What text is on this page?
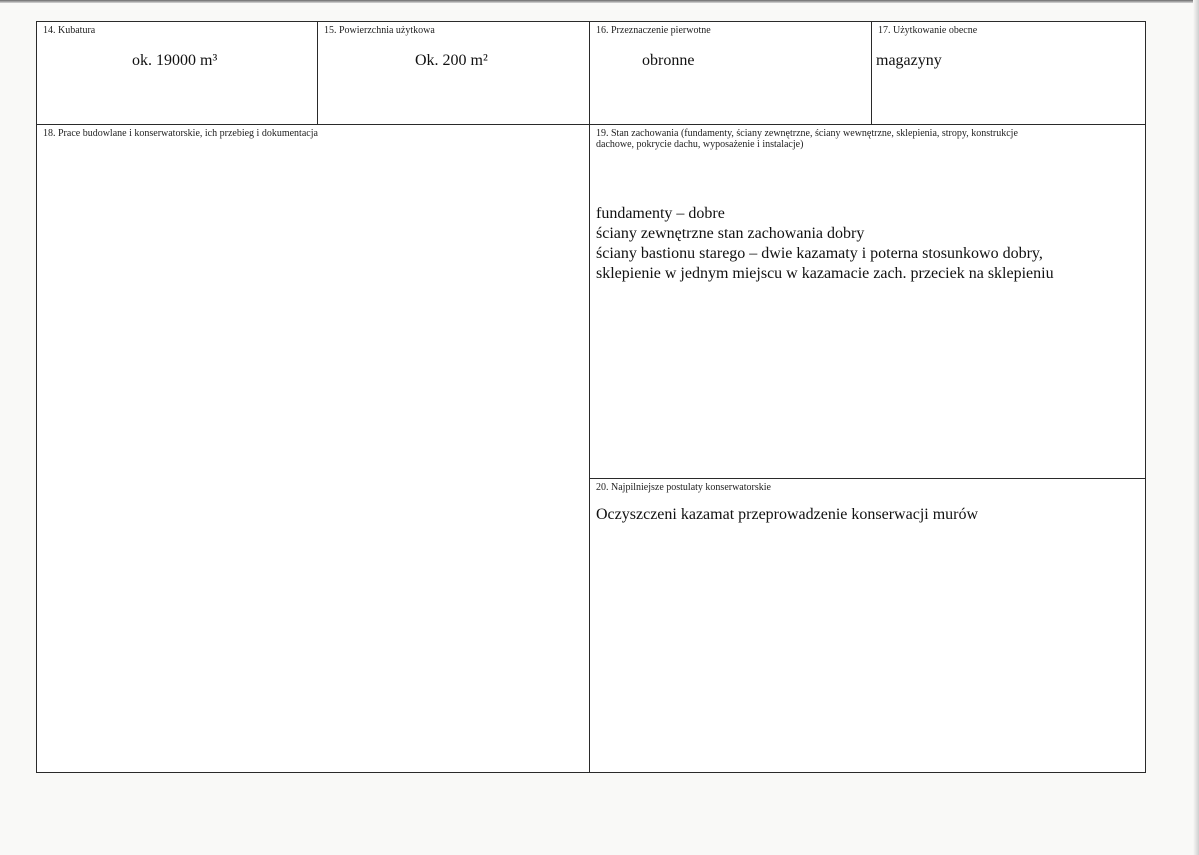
14. Kubatura

ok. 19000 m³

15. Powierzchnia użytkowa

Ok. 200 m²

16. Przeznaczenie pierwotne

obronne

17. Użytkowanie obecne

magazyny

18. Prace budowlane i konserwatorskie, ich przebieg i dokumentacja	19. Stan zachowania (fundamenty, ściany zewnętrzne, ściany wewnętrzne, sklepienia, stropy, konstrukcje dachowe, pokrycie dachu, wyposażenie i instalacje)

fundamenty – dobre
ściany zewnętrzne stan zachowania dobry
ściany bastionu starego – dwie kazamaty i poterna stosunkowo dobry,
sklepienie w jednym miejscu w kazamacie zach. przeciek na sklepieniu

20. Najpilniejsze postulaty konserwatorskie

Oczyszczeni kazamat przeprowadzenie konserwacji murów
